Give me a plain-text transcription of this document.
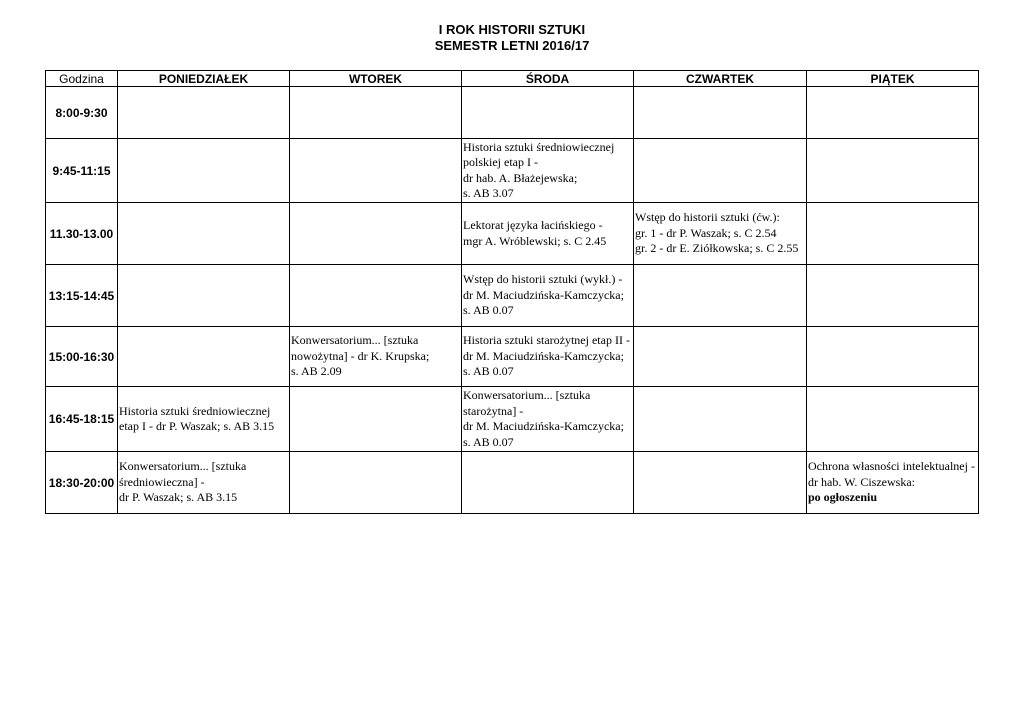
I ROK HISTORII SZTUKI
SEMESTR LETNI 2016/17
Godzina	PONIEDZIAŁEK	WTOREK	ŚRODA	CZWARTEK	PIĄTEK
8:00-9:30					
9:45-11:15			Historia sztuki średniowiecznej
polskiej etap I -
dr hab. A. Błażejewska;
s. AB 3.07		

11.30-13.00			Lektorat języka łacińskiego -
mgr A. Wróblewski; s. C 2.45	Wstęp do historii sztuki (ćw.):
gr. 1 - dr P. Waszak; s. C 2.54
gr. 2 - dr E. Ziółkowska; s. C 2.55	

13:15-14:45			Wstęp do historii sztuki (wykł.) -
dr M. Maciudzińska-Kamczycka;
s. AB 0.07		

15:00-16:30		Konwersatorium... [sztuka
nowożytna] - dr K. Krupska;
s. AB 2.09	Historia sztuki starożytnej etap II -
dr M. Maciudzińska-Kamczycka;
s. AB 0.07		

16:45-18:15	Historia sztuki średniowiecznej
etap I - dr P. Waszak; s. AB 3.15		Konwersatorium... [sztuka
starożytna] -
dr M. Maciudzińska-Kamczycka;
s. AB 0.07		

18:30-20:00	Konwersatorium... [sztuka
średniowieczna] -
dr P. Waszak; s. AB 3.15				Ochrona własności intelektualnej -
dr hab. W. Ciszewska:
po ogłoszeniu
